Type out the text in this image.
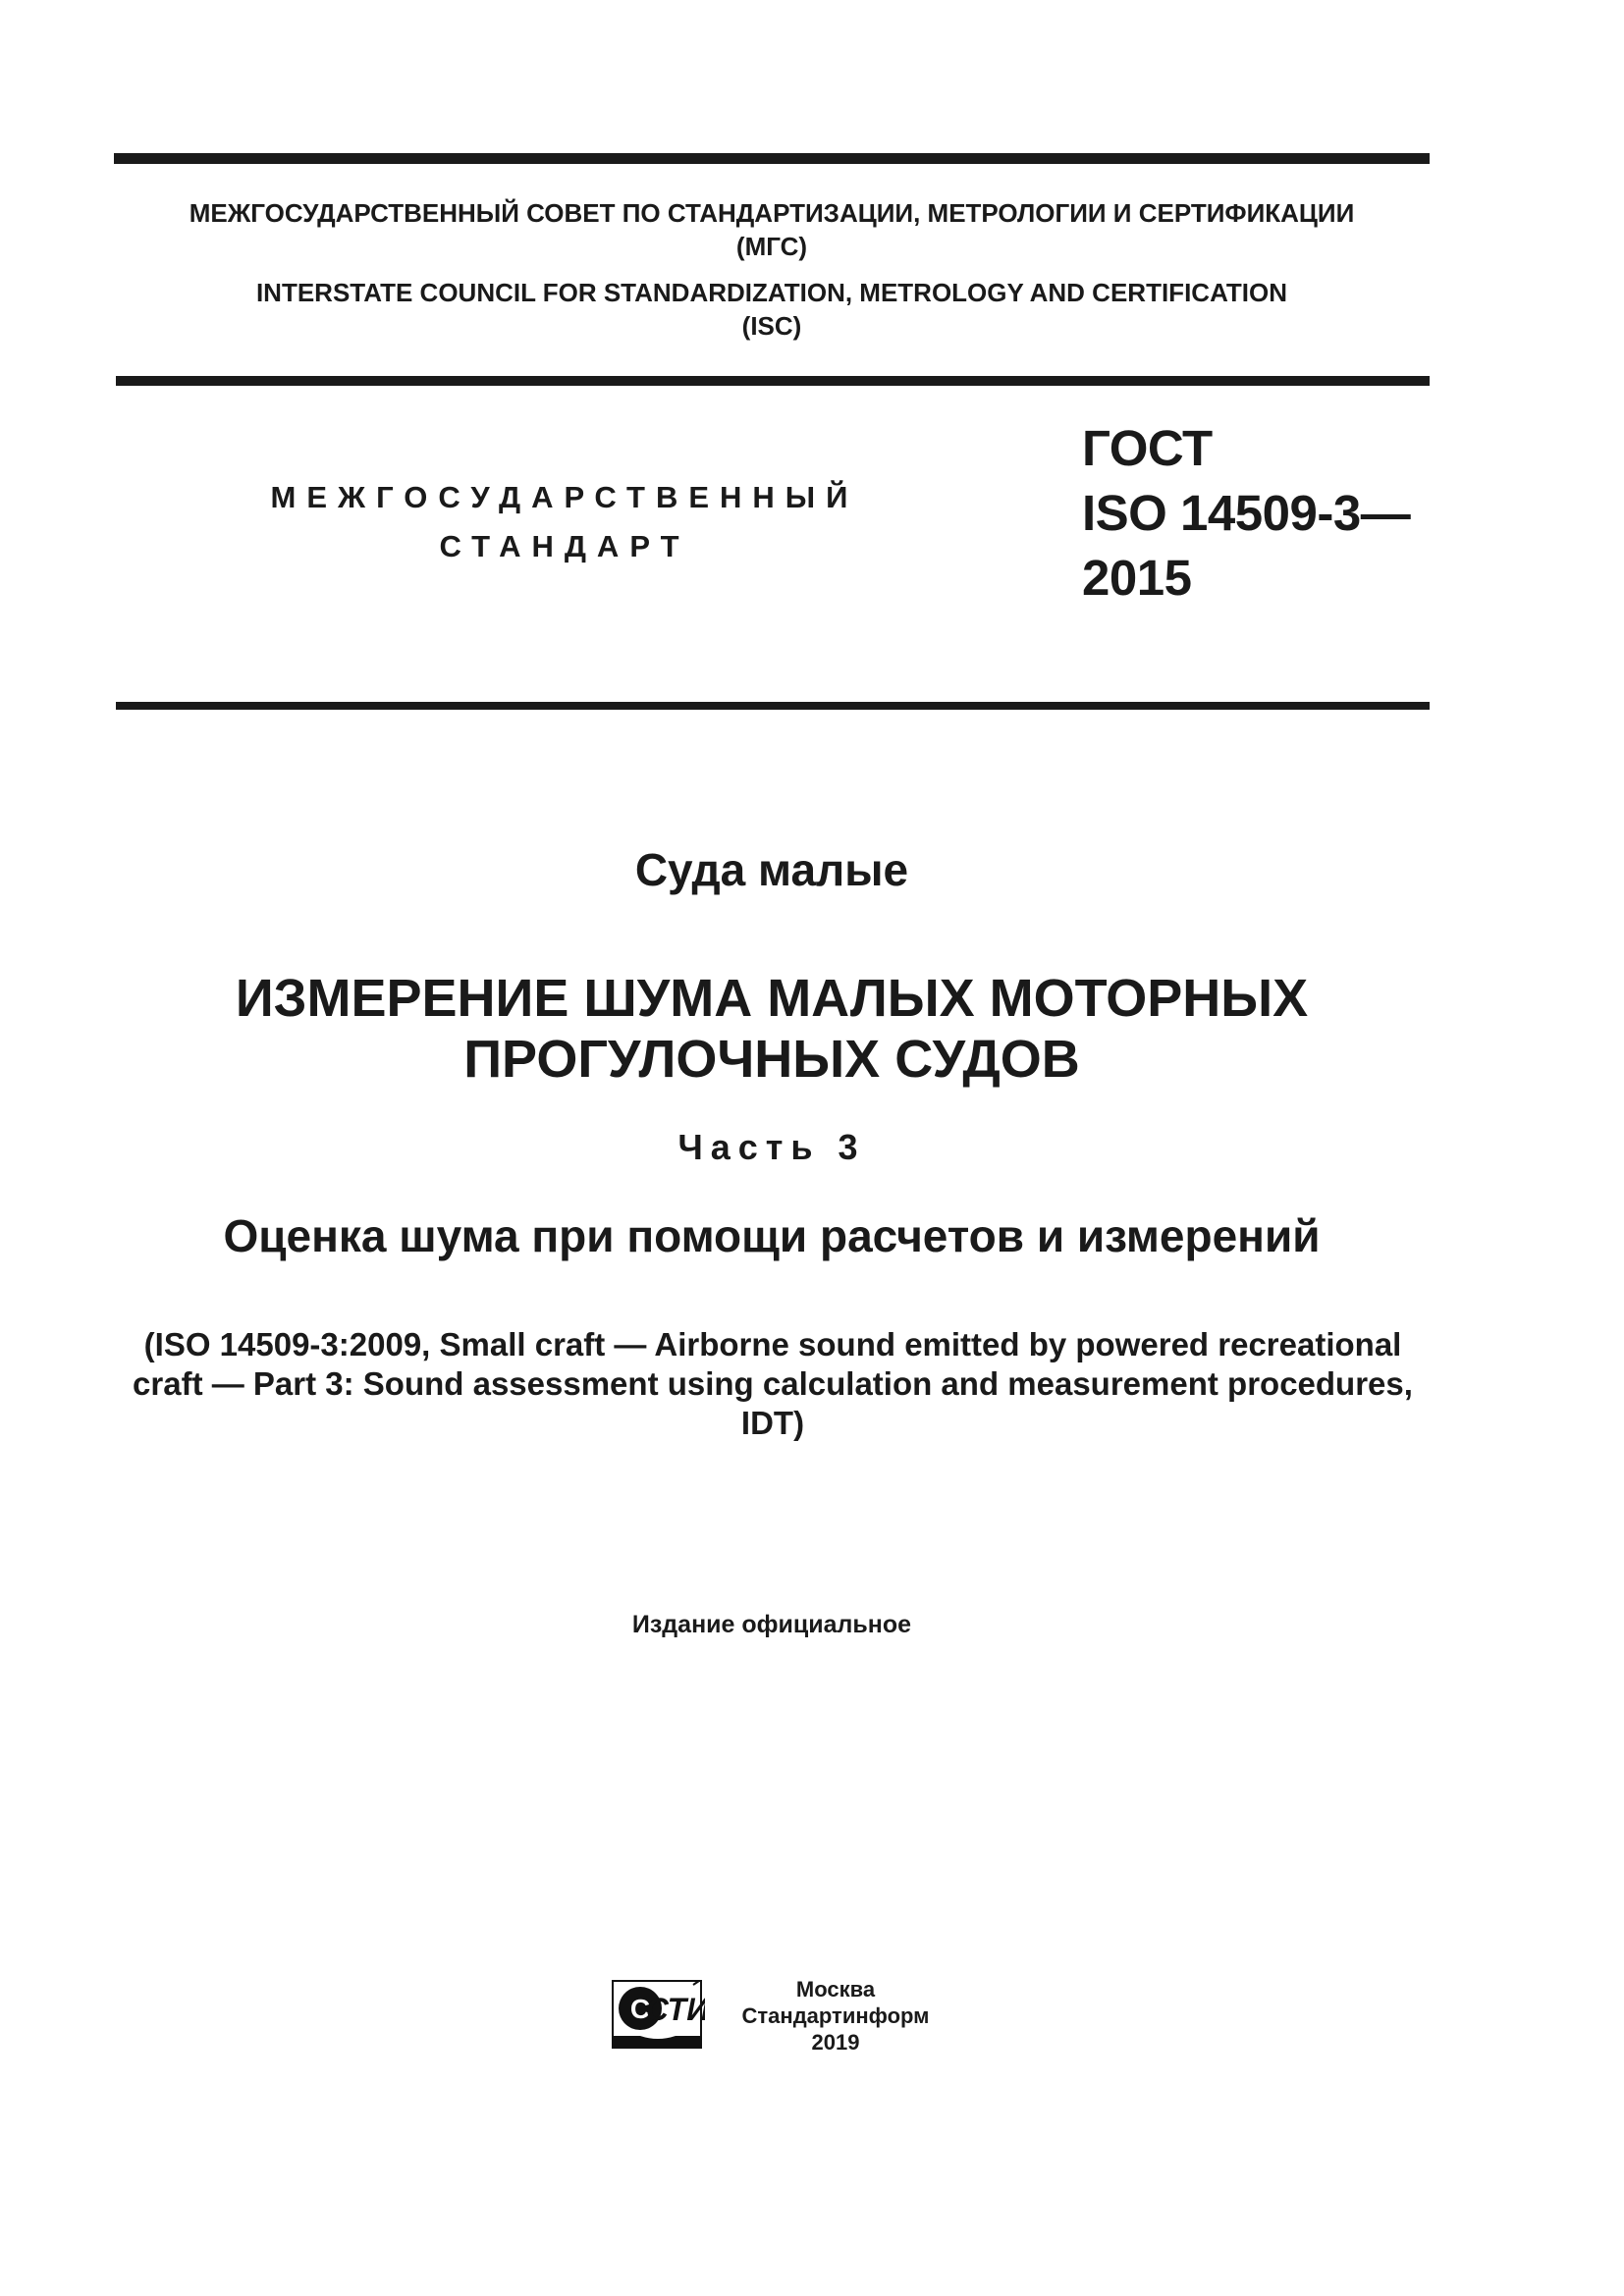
МЕЖГОСУДАРСТВЕННЫЙ СОВЕТ ПО СТАНДАРТИЗАЦИИ, МЕТРОЛОГИИ И СЕРТИФИКАЦИИ
(МГС)
INTERSTATE COUNCIL FOR STANDARDIZATION, METROLOGY AND CERTIFICATION
(ISC)
МЕЖГОСУДАРСТВЕННЫЙ
СТАНДАРТ
ГОСТ
ISO 14509-3—
2015
Суда малые
ИЗМЕРЕНИЕ ШУМА МАЛЫХ МОТОРНЫХ
ПРОГУЛОЧНЫХ СУДОВ
Часть 3
Оценка шума при помощи расчетов и измерений
(ISO 14509-3:2009, Small craft — Airborne sound emitted by powered recreational
craft — Part 3: Sound assessment using calculation and measurement procedures,
IDT)
Издание официальное
С
СТИ
Москва
Стандартинформ
2019
